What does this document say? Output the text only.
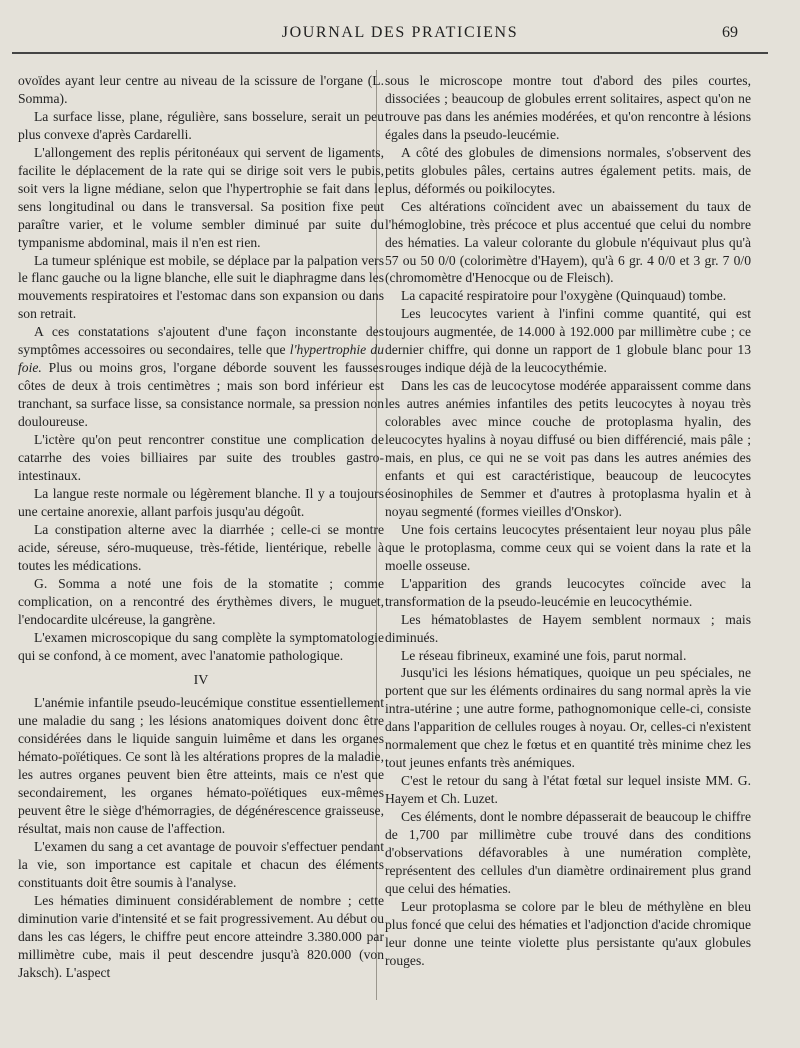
JOURNAL DES PRATICIENS	69

ovoïdes ayant leur centre au niveau de la scissure de l'organe (L. Somma).

La surface lisse, plane, régulière, sans bosselure, serait un peu plus convexe d'après Cardarelli.

L'allongement des replis péritonéaux qui servent de ligaments, facilite le déplacement de la rate qui se dirige soit vers le pubis, soit vers la ligne médiane, selon que l'hypertrophie se fait dans le sens longitudinal ou dans le transversal. Sa position fixe peut paraître varier, et le volume sembler diminué par suite du tympanisme abdominal, mais il n'en est rien.

La tumeur splénique est mobile, se déplace par la palpation vers le flanc gauche ou la ligne blanche, elle suit le diaphragme dans les mouvements respiratoires et l'estomac dans son expansion ou dans son retrait.

A ces constatations s'ajoutent d'une façon inconstante des symptômes accessoires ou secondaires, telle que l'hypertrophie du foie. Plus ou moins gros, l'organe déborde souvent les fausses côtes de deux à trois centimètres ; mais son bord inférieur est tranchant, sa surface lisse, sa consistance normale, sa pression non douloureuse.

L'ictère qu'on peut rencontrer constitue une complication de catarrhe des voies billiaires par suite des troubles gastro-intestinaux.

La langue reste normale ou légèrement blanche. Il y a toujours une certaine anorexie, allant parfois jusqu'au dégoût.

La constipation alterne avec la diarrhée ; celle-ci se montre acide, séreuse, séro-muqueuse, très-fétide, lientérique, rebelle à toutes les médications.

G. Somma a noté une fois de la stomatite ; comme complication, on a rencontré des érythèmes divers, le muguet, l'endocardite ulcéreuse, la gangrène.

L'examen microscopique du sang complète la symptomatologie qui se confond, à ce moment, avec l'anatomie pathologique.

IV

L'anémie infantile pseudo-leucémique constitue essentiellement une maladie du sang ; les lésions anatomiques doivent donc être considérées dans le liquide sanguin luimême et dans les organes hémato-poïétiques. Ce sont là les altérations propres de la maladie, les autres organes peuvent bien être atteints, mais ce n'est que secondairement, les organes hémato-poïétiques eux-mêmes peuvent être le siège d'hémorragies, de dégénérescence graisseuse, résultat, mais non cause de l'affection.

L'examen du sang a cet avantage de pouvoir s'effectuer pendant la vie, son importance est capitale et chacun des éléments constituants doit être soumis à l'analyse.

Les hématies diminuent considérablement de nombre ; cette diminution varie d'intensité et se fait progressivement. Au début ou dans les cas légers, le chiffre peut encore atteindre 3.380.000 par millimètre cube, mais il peut descendre jusqu'à 820.000 (von Jaksch). L'aspect

sous le microscope montre tout d'abord des piles courtes, dissociées ; beaucoup de globules errent solitaires, aspect qu'on ne trouve pas dans les anémies modérées, et qu'on rencontre à lésions égales dans la pseudo-leucémie.

A côté des globules de dimensions normales, s'observent des petits globules pâles, certains autres également petits. mais, de plus, déformés ou poikilocytes.

Ces altérations coïncident avec un abaissement du taux de l'hémoglobine, très précoce et plus accentué que celui du nombre des hématies. La valeur colorante du globule n'équivaut plus qu'à 57 ou 50 0/0 (colorimètre d'Hayem), qu'à 6 gr. 4 0/0 et 3 gr. 7 0/0 (chromomètre d'Henocque ou de Fleisch).

La capacité respiratoire pour l'oxygène (Quinquaud) tombe.

Les leucocytes varient à l'infini comme quantité, qui est toujours augmentée, de 14.000 à 192.000 par millimètre cube ; ce dernier chiffre, qui donne un rapport de 1 globule blanc pour 13 rouges indique déjà de la leucocythémie.

Dans les cas de leucocytose modérée apparaissent comme dans les autres anémies infantiles des petits leucocytes à noyau très colorables avec mince couche de protoplasma hyalin, des leucocytes hyalins à noyau diffusé ou bien différencié, mais pâle ; mais, en plus, ce qui ne se voit pas dans les autres anémies des enfants et qui est caractéristique, beaucoup de leucocytes éosinophiles de Semmer et d'autres à protoplasma hyalin et à noyau segmenté (formes vieilles d'Onskor).

Une fois certains leucocytes présentaient leur noyau plus pâle que le protoplasma, comme ceux qui se voient dans la rate et la moelle osseuse.

L'apparition des grands leucocytes coïncide avec la transformation de la pseudo-leucémie en leucocythémie.

Les hématoblastes de Hayem semblent normaux ; mais diminués.

Le réseau fibrineux, examiné une fois, parut normal.

Jusqu'ici les lésions hématiques, quoique un peu spéciales, ne portent que sur les éléments ordinaires du sang normal après la vie intra-utérine ; une autre forme, pathognomonique celle-ci, consiste dans l'apparition de cellules rouges à noyau. Or, celles-ci n'existent normalement que chez le fœtus et en quantité très minime chez les tout jeunes enfants très anémiques.

C'est le retour du sang à l'état fœtal sur lequel insiste MM. G. Hayem et Ch. Luzet.

Ces éléments, dont le nombre dépasserait de beaucoup le chiffre de 1,700 par millimètre cube trouvé dans des conditions d'observations défavorables à une numération complète, représentent des cellules d'un diamètre ordinairement plus grand que celui des hématies.

Leur protoplasma se colore par le bleu de méthylène en bleu plus foncé que celui des hématies et l'adjonction d'acide chromique leur donne une teinte violette plus persistante qu'aux globules rouges.
